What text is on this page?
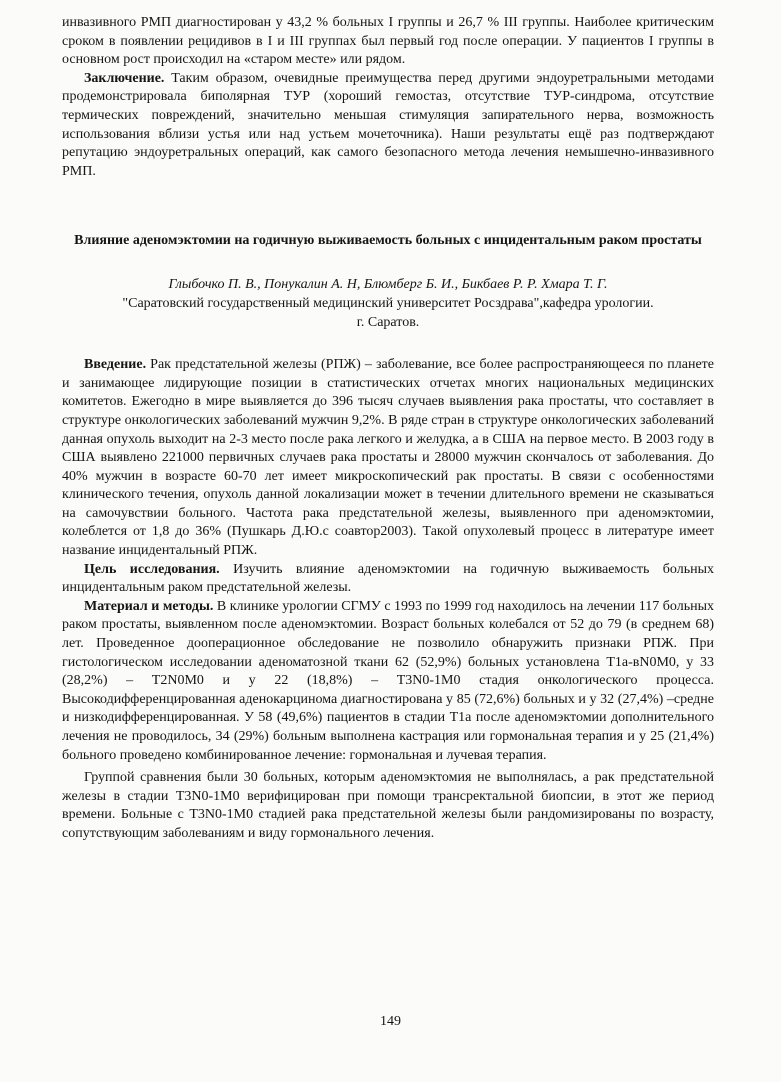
инвазивного РМП диагностирован у 43,2 % больных I группы и 26,7 % III группы. Наиболее критическим сроком в появлении рецидивов в I и III группах был первый год после операции. У пациентов I группы в основном рост происходил на «старом месте» или рядом.

Заключение. Таким образом, очевидные преимущества перед другими эндоуретральными методами продемонстрировала биполярная ТУР (хороший гемостаз, отсутствие ТУР-синдрома, отсутствие термических повреждений, значительно меньшая стимуляция запирательного нерва, возможность использования вблизи устья или над устьем мочеточника). Наши результаты ещё раз подтверждают репутацию эндоуретральных операций, как самого безопасного метода лечения немышечно-инвазивного РМП.

Влияние аденомэктомии на годичную выживаемость больных с инцидентальным раком простаты
Глыбочко П. В., Понукалин А. Н, Блюмберг Б. И., Бикбаев Р. Р. Хмара Т. Г.
"Саратовский государственный медицинский университет Росздрава",кафедра урологии.
г. Саратов.

Введение. Рак предстательной железы (РПЖ) – заболевание, все более распространяющееся по планете и занимающее лидирующие позиции в статистических отчетах многих национальных медицинских комитетов. Ежегодно в мире выявляется до 396 тысяч случаев выявления рака простаты, что составляет в структуре онкологических заболеваний мужчин 9,2%. В ряде стран в структуре онкологических заболеваний данная опухоль выходит на 2-3 место после рака легкого и желудка, а в США на первое место. В 2003 году в США выявлено 221000 первичных случаев рака простаты и 28000 мужчин скончалось от заболевания. До 40% мужчин в возрасте 60-70 лет имеет микроскопический рак простаты. В связи с особенностями клинического течения, опухоль данной локализации может в течении длительного времени не сказываться на самочувствии больного. Частота рака предстательной железы, выявленного при аденомэктомии, колеблется от 1,8 до 36% (Пушкарь Д.Ю.с соавтор2003). Такой опухолевый процесс в литературе имеет название инцидентальный РПЖ.

Цель исследования. Изучить влияние аденомэктомии на годичную выживаемость больных инцидентальным раком предстательной железы.

Материал и методы. В клинике урологии СГМУ с 1993 по 1999 год находилось на лечении 117 больных раком простаты, выявленном после аденомэктомии. Возраст больных колебался от 52 до 79 (в среднем 68) лет. Проведенное дооперационное обследование не позволило обнаружить признаки РПЖ. При гистологическом исследовании аденоматозной ткани 62 (52,9%) больных установлена T1a-вN0M0, у 33 (28,2%) – T2N0M0 и у 22 (18,8%) – T3N0-1M0 стадия онкологического процесса. Высокодифференцированная аденокарцинома диагностирована у 85 (72,6%) больных и у 32 (27,4%) –средне и низкодифференцированная. У 58 (49,6%) пациентов в стадии T1a после аденомэктомии дополнительного лечения не проводилось, 34 (29%) больным выполнена кастрация или гормональная терапия и у 25 (21,4%) больного проведено комбинированное лечение: гормональная и лучевая терапия.

Группой сравнения были 30 больных, которым аденомэктомия не выполнялась, а рак предстательной железы в стадии T3N0-1M0 верифицирован при помощи трансректальной биопсии, в этот же период времени. Больные с T3N0-1M0 стадией рака предстательной железы были рандомизированы по возрасту, сопутствующим заболеваниям и виду гормонального лечения.

149
